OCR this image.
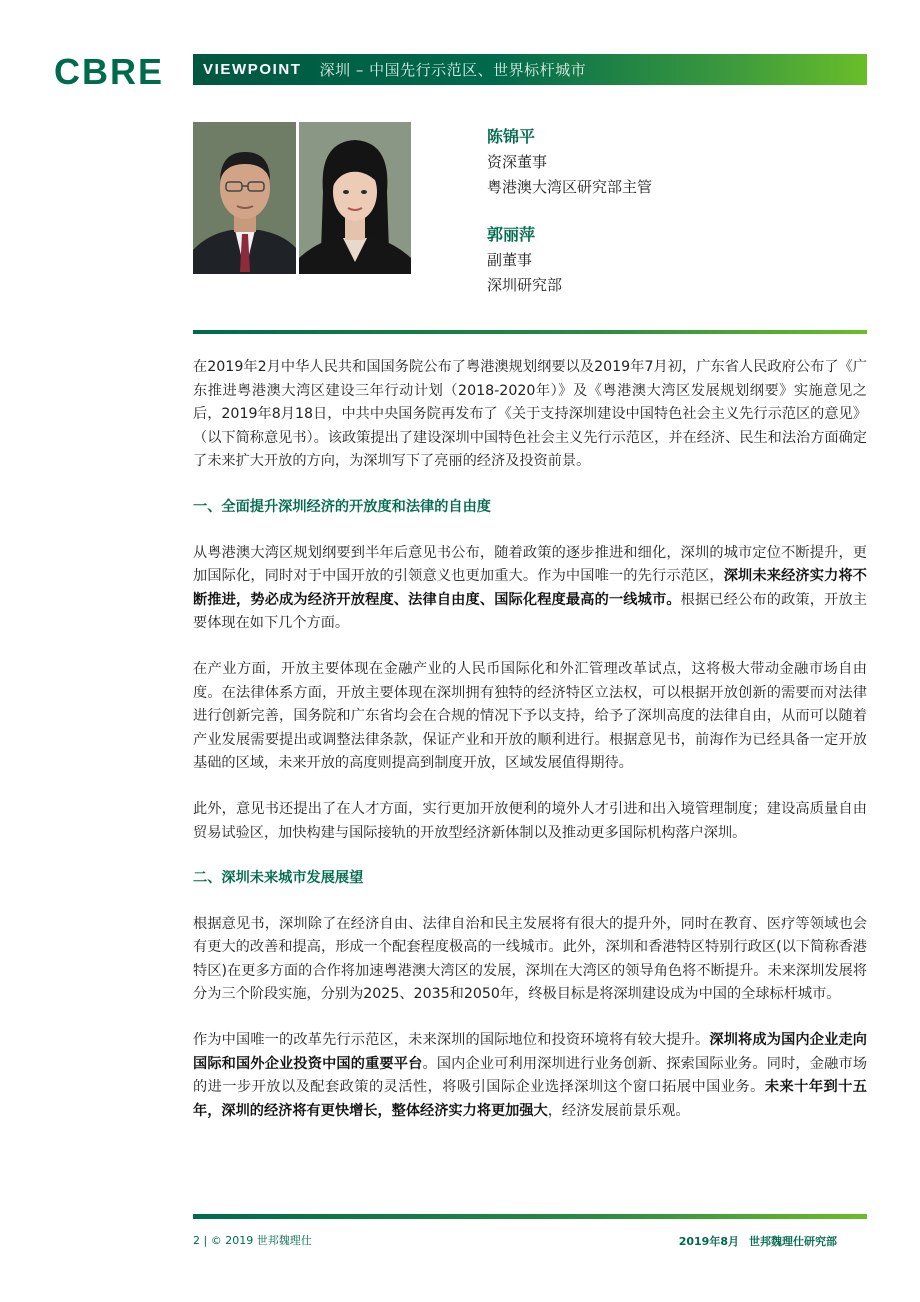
CBRE	VIEWPOINT 深圳 – 中国先行示范区、世界标杆城市
陈锦平
资深董事
粤港澳大湾区研究部主管
郭丽萍
副董事
深圳研究部

在2019年2月中华人民共和国国务院公布了粤港澳规划纲要以及2019年7月初，广东省人民政府公布了《广东推进粤港澳大湾区建设三年行动计划（2018-2020年）》及《粤港澳大湾区发展规划纲要》实施意见之后，2019年8月18日，中共中央国务院再发布了《关于支持深圳建设中国特色社会主义先行示范区的意见》（以下简称意见书）。该政策提出了建设深圳中国特色社会主义先行示范区，并在经济、民生和法治方面确定了未来扩大开放的方向，为深圳写下了亮丽的经济及投资前景。

一、全面提升深圳经济的开放度和法律的自由度

从粤港澳大湾区规划纲要到半年后意见书公布，随着政策的逐步推进和细化，深圳的城市定位不断提升，更加国际化，同时对于中国开放的引领意义也更加重大。作为中国唯一的先行示范区，深圳未来经济实力将不断推进，势必成为经济开放程度、法律自由度、国际化程度最高的一线城市。根据已经公布的政策，开放主要体现在如下几个方面。

在产业方面，开放主要体现在金融产业的人民币国际化和外汇管理改革试点，这将极大带动金融市场自由度。在法律体系方面，开放主要体现在深圳拥有独特的经济特区立法权，可以根据开放创新的需要而对法律进行创新完善，国务院和广东省均会在合规的情况下予以支持，给予了深圳高度的法律自由，从而可以随着产业发展需要提出或调整法律条款，保证产业和开放的顺利进行。根据意见书，前海作为已经具备一定开放基础的区域，未来开放的高度则提高到制度开放，区域发展值得期待。

此外，意见书还提出了在人才方面，实行更加开放便利的境外人才引进和出入境管理制度；建设高质量自由贸易试验区，加快构建与国际接轨的开放型经济新体制以及推动更多国际机构落户深圳。

二、深圳未来城市发展展望

根据意见书，深圳除了在经济自由、法律自治和民主发展将有很大的提升外，同时在教育、医疗等领域也会有更大的改善和提高，形成一个配套程度极高的一线城市。此外，深圳和香港特区特别行政区(以下简称香港特区)在更多方面的合作将加速粤港澳大湾区的发展，深圳在大湾区的领导角色将不断提升。未来深圳发展将分为三个阶段实施，分别为2025、2035和2050年，终极目标是将深圳建设成为中国的全球标杆城市。

作为中国唯一的改革先行示范区，未来深圳的国际地位和投资环境将有较大提升。深圳将成为国内企业走向国际和国外企业投资中国的重要平台。国内企业可利用深圳进行业务创新、探索国际业务。同时，金融市场的进一步开放以及配套政策的灵活性，将吸引国际企业选择深圳这个窗口拓展中国业务。未来十年到十五年，深圳的经济将有更快增长，整体经济实力将更加强大，经济发展前景乐观。

2 | © 2019 世邦魏理仕	2019年8月 世邦魏理仕研究部
